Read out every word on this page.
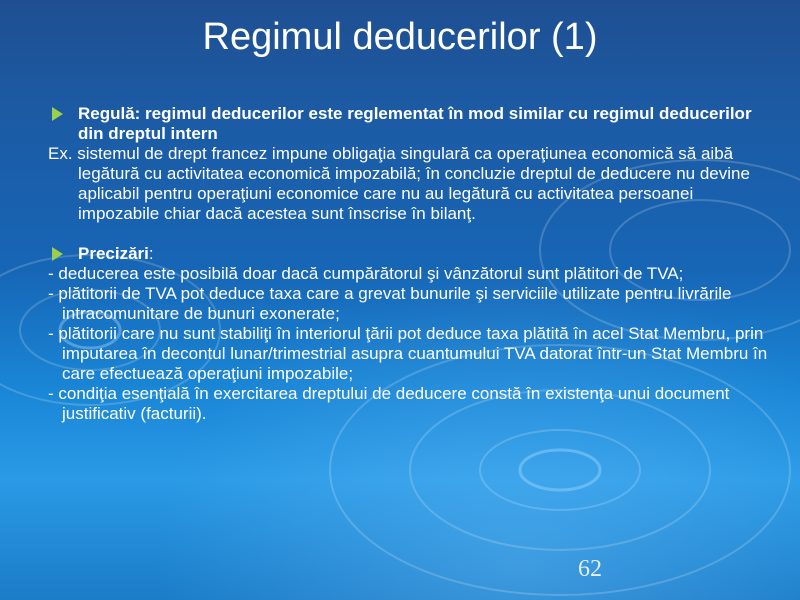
Regimul deducerilor (1)
Regulă: regimul deducerilor este reglementat în mod similar cu regimul deducerilor din dreptul intern

Ex. sistemul de drept francez impune obligaţia singulară ca operaţiunea economică să aibă legătură cu activitatea economică impozabilă; în concluzie dreptul de deducere nu devine aplicabil pentru operaţiuni economice care nu au legătură cu activitatea persoanei impozabile chiar dacă acestea sunt înscrise în bilanţ.

Precizări:

- deducerea este posibilă doar dacă cumpărătorul şi vânzătorul sunt plătitori de TVA;

- plătitorii de TVA pot deduce taxa care a grevat bunurile şi serviciile utilizate pentru livrările intracomunitare de bunuri exonerate;

- plătitorii care nu sunt stabiliţi în interiorul ţării pot deduce taxa plătită în acel Stat Membru, prin imputarea în decontul lunar/trimestrial asupra cuantumului TVA datorat într-un Stat Membru în care efectuează operaţiuni impozabile;

- condiţia esenţială în exercitarea dreptului de deducere constă în existenţa unui document justificativ (facturii).

62
